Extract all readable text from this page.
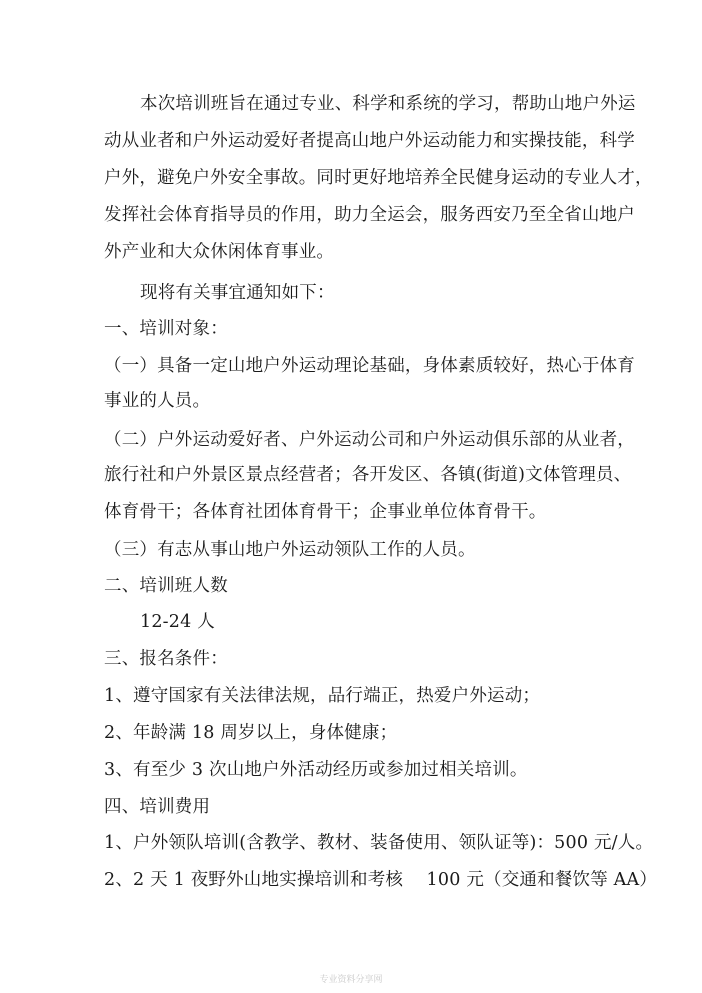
本次培训班旨在通过专业、科学和系统的学习，帮助山地户外运
动从业者和户外运动爱好者提高山地户外运动能力和实操技能，科学
户外，避免户外安全事故。同时更好地培养全民健身运动的专业人才，
发挥社会体育指导员的作用，助力全运会，服务西安乃至全省山地户
外产业和大众休闲体育事业。
现将有关事宜通知如下：
一、培训对象：
（一）具备一定山地户外运动理论基础，身体素质较好，热心于体育
事业的人员。
（二）户外运动爱好者、户外运动公司和户外运动俱乐部的从业者，
旅行社和户外景区景点经营者；各开发区、各镇(街道)文体管理员、
体育骨干；各体育社团体育骨干；企事业单位体育骨干。
（三）有志从事山地户外运动领队工作的人员。
二、培训班人数
12-24 人
三、报名条件：
1、遵守国家有关法律法规，品行端正，热爱户外运动；
2、年龄满 18 周岁以上，身体健康；
3、有至少 3 次山地户外活动经历或参加过相关培训。
四、培训费用
1、户外领队培训(含教学、教材、装备使用、领队证等)：500 元/人。
2、2 天 1 夜野外山地实操培训和考核　 100 元（交通和餐饮等 AA）
专业资料分享网
